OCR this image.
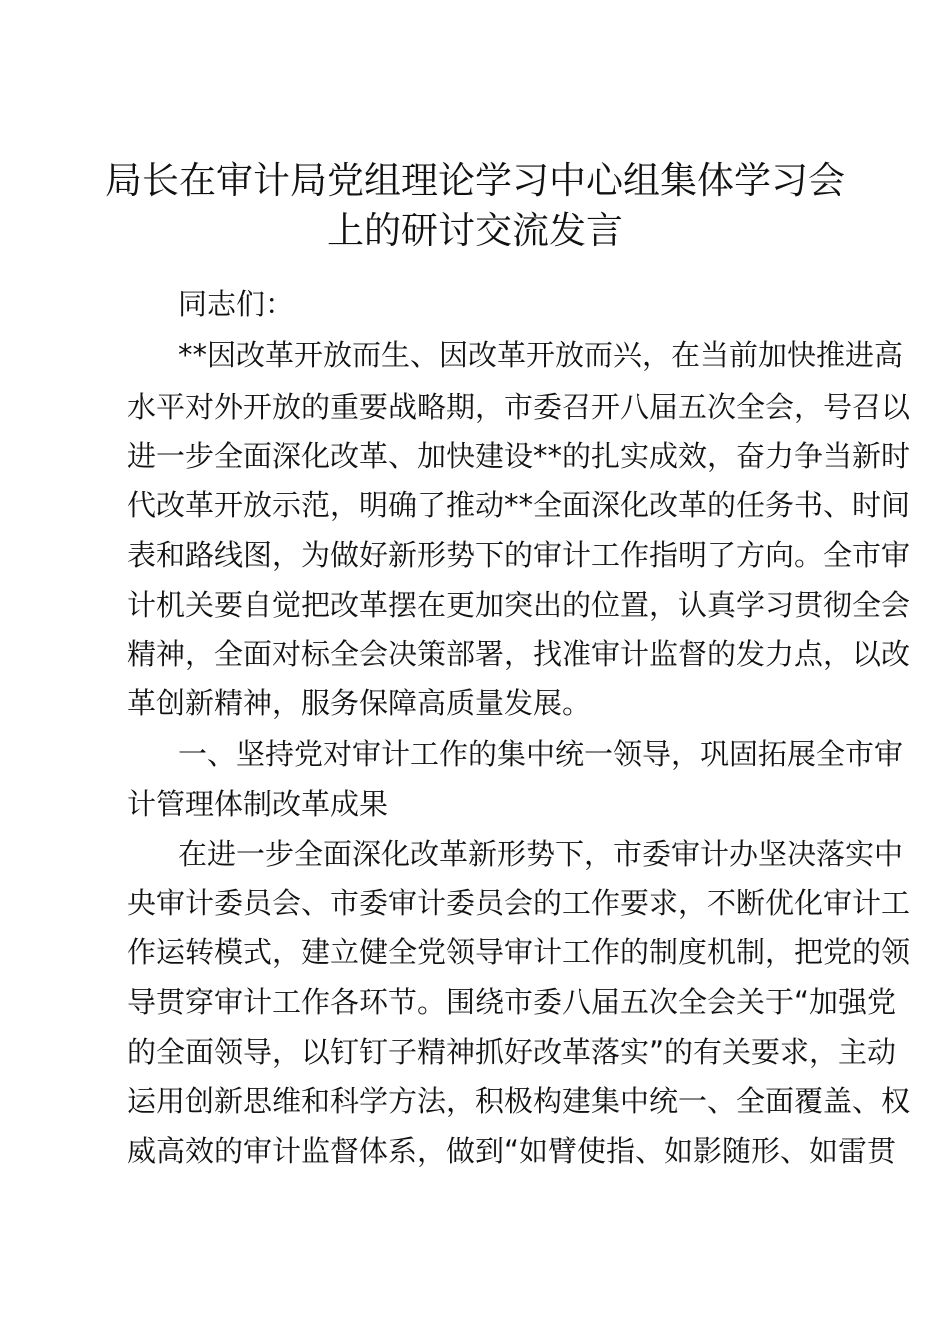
局长在审计局党组理论学习中心组集体学习会
上的研讨交流发言
同志们：
**因改革开放而生、因改革开放而兴，在当前加快推进高
水平对外开放的重要战略期，市委召开八届五次全会，号召以
进一步全面深化改革、加快建设**的扎实成效，奋力争当新时
代改革开放示范，明确了推动**全面深化改革的任务书、时间
表和路线图，为做好新形势下的审计工作指明了方向。全市审
计机关要自觉把改革摆在更加突出的位置，认真学习贯彻全会
精神，全面对标全会决策部署，找准审计监督的发力点，以改
革创新精神，服务保障高质量发展。
一、坚持党对审计工作的集中统一领导，巩固拓展全市审
计管理体制改革成果
在进一步全面深化改革新形势下，市委审计办坚决落实中
央审计委员会、市委审计委员会的工作要求，不断优化审计工
作运转模式，建立健全党领导审计工作的制度机制，把党的领
导贯穿审计工作各环节。围绕市委八届五次全会关于“加强党
的全面领导，以钉钉子精神抓好改革落实”的有关要求，主动
运用创新思维和科学方法，积极构建集中统一、全面覆盖、权
威高效的审计监督体系，做到“如臂使指、如影随形、如雷贯
